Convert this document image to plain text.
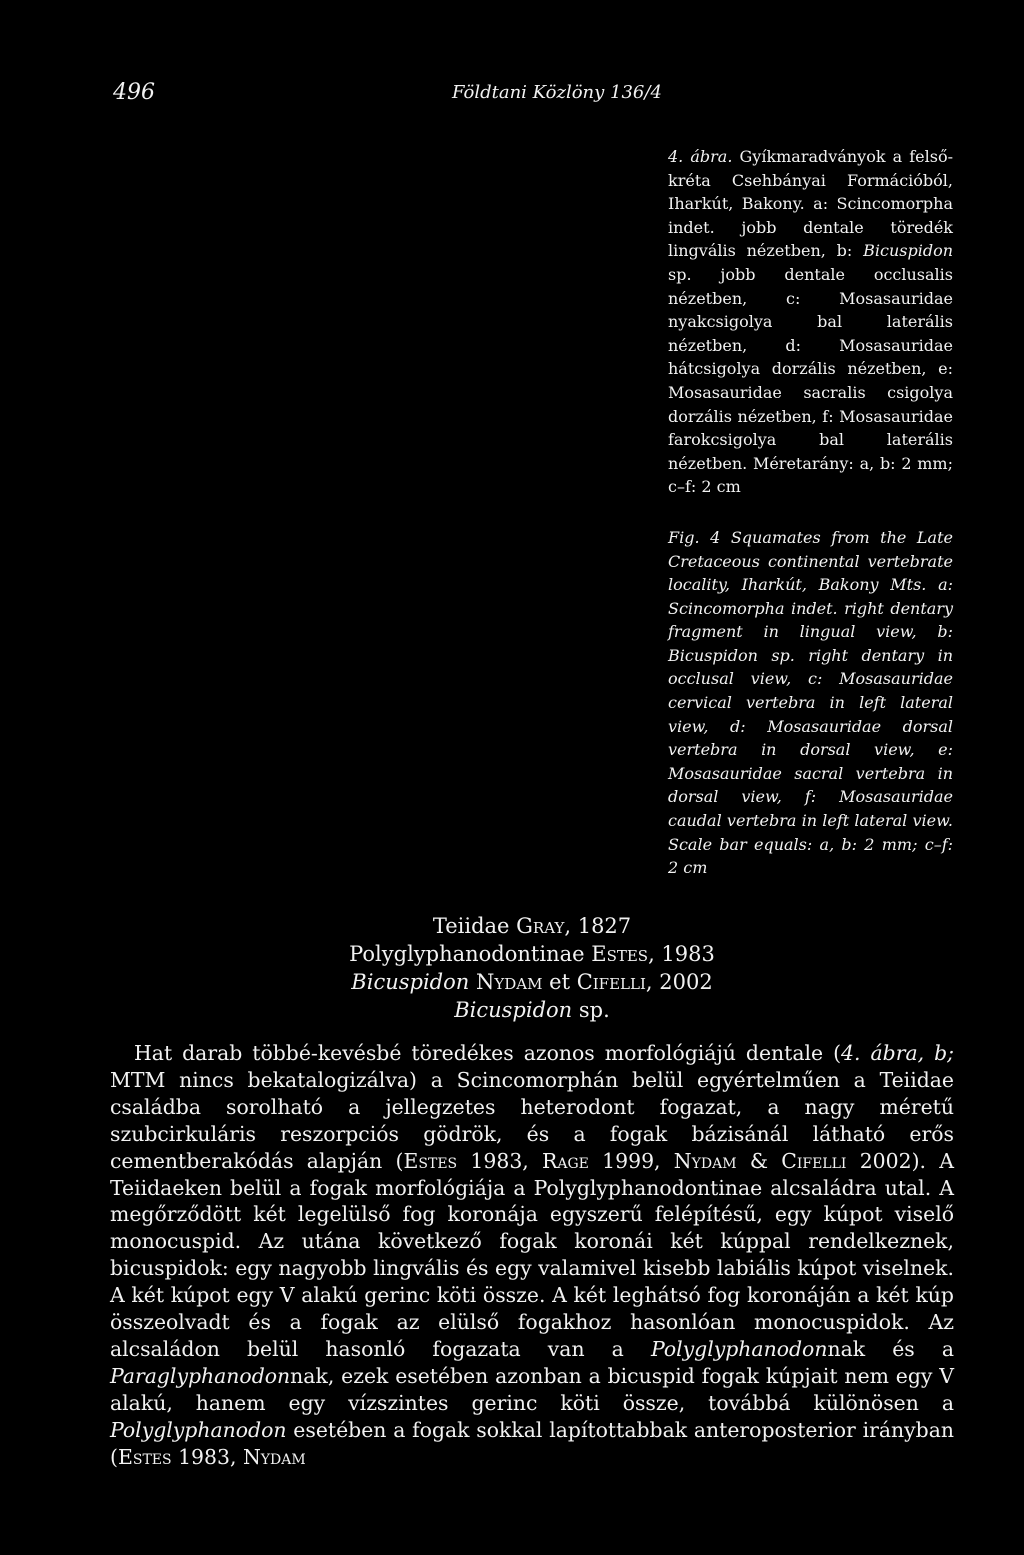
496	Földtani Közlöny 136/4

4. ábra. Gyíkmaradványok a felső-kréta Csehbányai Formációból, Iharkút, Bakony. a: Scincomorpha indet. jobb dentale töredék lingvális nézetben, b: Bicuspidon sp. jobb dentale occlusalis nézetben, c: Mosasauridae nyakcsigolya bal laterális nézetben, d: Mosasauridae hátcsigolya dorzális nézetben, e: Mosasauridae sacralis csigolya dorzális nézetben, f: Mosasauridae farokcsigolya bal laterális nézetben. Méretarány: a, b: 2 mm; c–f: 2 cm

Fig. 4 Squamates from the Late Cretaceous continental vertebrate locality, Iharkút, Bakony Mts. a: Scincomorpha indet. right dentary fragment in lingual view, b: Bicuspidon sp. right dentary in occlusal view, c: Mosasauridae cervical vertebra in left lateral view, d: Mosasauridae dorsal vertebra in dorsal view, e: Mosasauridae sacral vertebra in dorsal view, f: Mosasauridae caudal vertebra in left lateral view. Scale bar equals: a, b: 2 mm; c–f: 2 cm

Teiidae Gray, 1827
Polyglyphanodontinae Estes, 1983
Bicuspidon Nydam et Cifelli, 2002
Bicuspidon sp.

Hat darab többé-kevésbé töredékes azonos morfológiájú dentale (4. ábra, b; MTM nincs bekatalogizálva) a Scincomorphán belül egyértelműen a Teiidae családba sorolható a jellegzetes heterodont fogazat, a nagy méretű szubcirkuláris reszorpciós gödrök, és a fogak bázisánál látható erős cementberakódás alapján (Estes 1983, Rage 1999, Nydam & Cifelli 2002). A Teiidaeken belül a fogak morfológiája a Polyglyphanodontinae alcsaládra utal. A megőrződött két legelülső fog koronája egyszerű felépítésű, egy kúpot viselő monocuspid. Az utána következő fogak koronái két kúppal rendelkeznek, bicuspidok: egy nagyobb lingvális és egy valamivel kisebb labiális kúpot viselnek. A két kúpot egy V alakú gerinc köti össze. A két leghátsó fog koronáján a két kúp összeolvadt és a fogak az elülső fogakhoz hasonlóan monocuspidok. Az alcsaládon belül hasonló fogazata van a Polyglyphanodonnak és a Paraglyphanodonnak, ezek esetében azonban a bicuspid fogak kúpjait nem egy V alakú, hanem egy vízszintes gerinc köti össze, továbbá különösen a Polyglyphanodon esetében a fogak sokkal lapítottabbak anteroposterior irányban (Estes 1983, Nydam
